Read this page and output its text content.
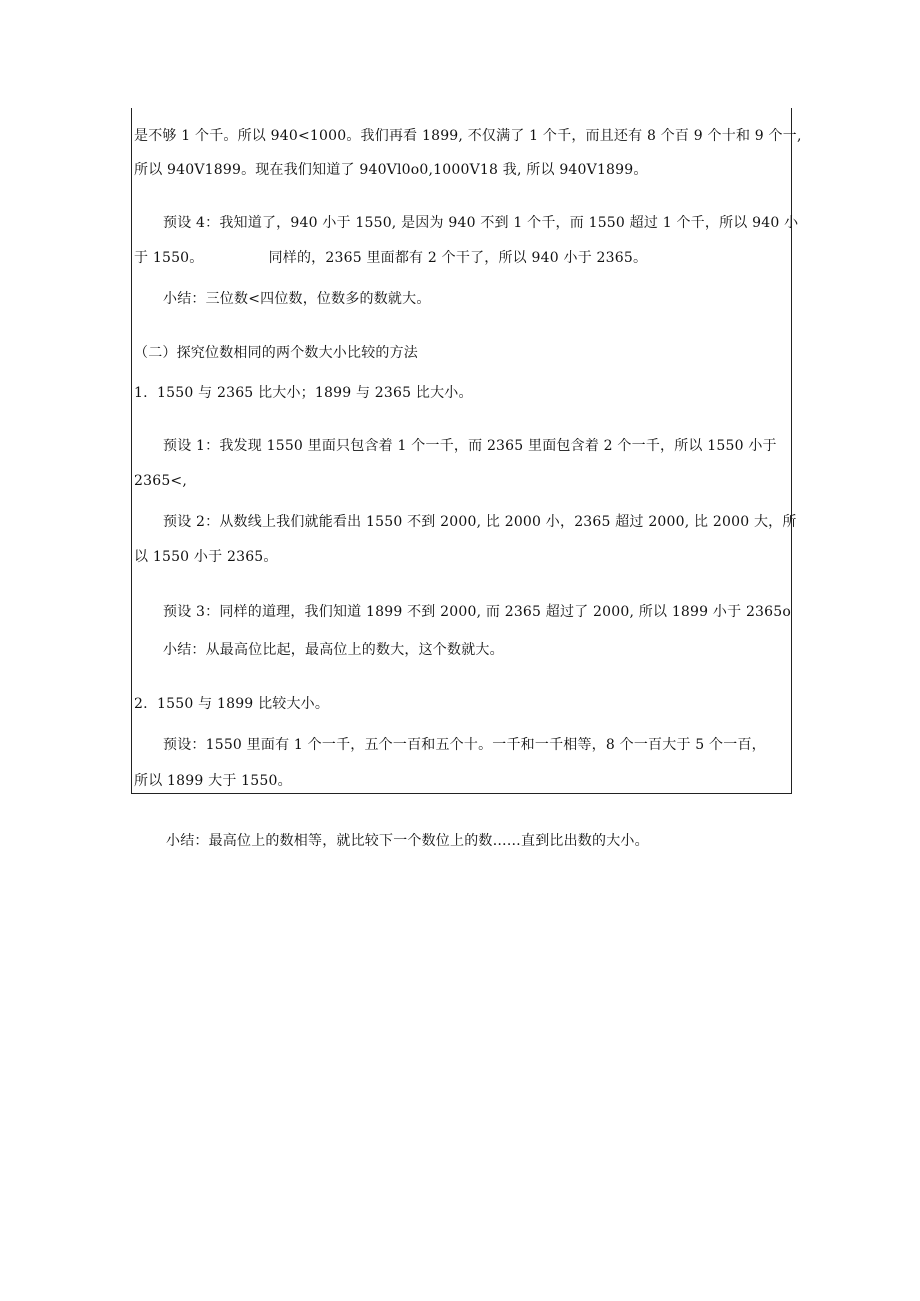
是不够 1 个千。所以 940<1000。我们再看 1899, 不仅满了 1 个千，而且还有 8 个百 9 个十和 9 个一,
所以 940V1899。现在我们知道了 940Vl0o0,1000V18 我, 所以 940V1899。
预设 4：我知道了，940 小于 1550, 是因为 940 不到 1 个千，而 1550 超过 1 个千，所以 940 小
于 1550。              同样的，2365 里面都有 2 个干了，所以 940 小于 2365。
小结：三位数<四位数，位数多的数就大。
（二）探究位数相同的两个数大小比较的方法
1.  1550 与 2365 比大小；1899 与 2365 比大小。
预设 1：我发现 1550 里面只包含着 1 个一千，而 2365 里面包含着 2 个一千，所以 1550 小于
2365<,
预设 2：从数线上我们就能看出 1550 不到 2000, 比 2000 小，2365 超过 2000, 比 2000 大，所
以 1550 小于 2365。
预设 3：同样的道理，我们知道 1899 不到 2000, 而 2365 超过了 2000, 所以 1899 小于 2365o
小结：从最高位比起，最高位上的数大，这个数就大。
2.  1550 与 1899 比较大小。
预设：1550 里面有 1 个一千，五个一百和五个十。一千和一千相等，8 个一百大于 5 个一百，
所以 1899 大于 1550。
小结：最高位上的数相等，就比较下一个数位上的数……直到比出数的大小。
